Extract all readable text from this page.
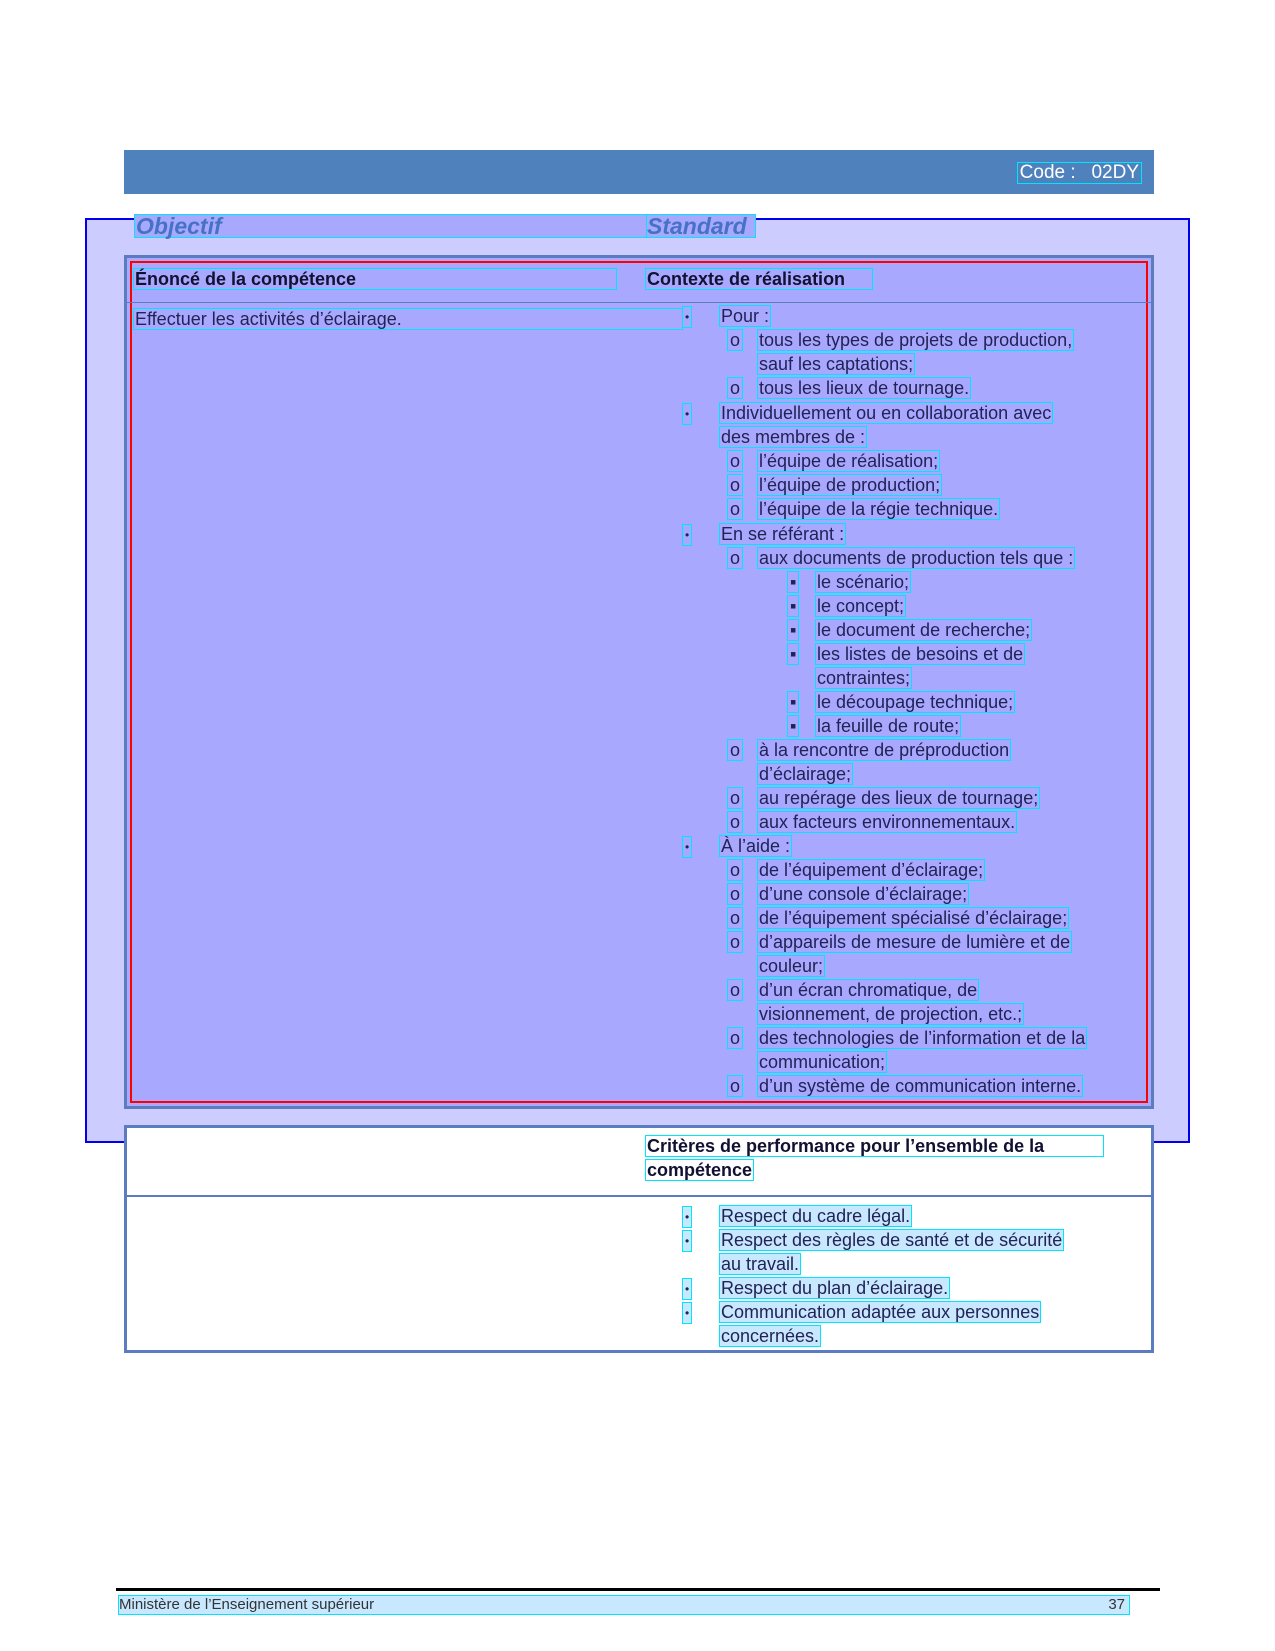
Code :   02DY
Objectif	Standard
Énoncé de la compétence	Contexte de réalisation
Effectuer les activités d’éclairage.	• Pour :
o tous les types de projets de production,
sauf les captations;
o tous les lieux de tournage.
• Individuellement ou en collaboration avec
des membres de :
o l’équipe de réalisation;
o l’équipe de production;
o l’équipe de la régie technique.
• En se référant :
o aux documents de production tels que :
▪ le scénario;
▪ le concept;
▪ le document de recherche;
▪ les listes de besoins et de
contraintes;
▪ le découpage technique;
▪ la feuille de route;
o à la rencontre de préproduction
d’éclairage;
o au repérage des lieux de tournage;
o aux facteurs environnementaux.
• À l’aide :
o de l’équipement d’éclairage;
o d’une console d’éclairage;
o de l’équipement spécialisé d’éclairage;
o d’appareils de mesure de lumière et de
couleur;
o d’un écran chromatique, de
visionnement, de projection, etc.;
o des technologies de l’information et de la
communication;
o d’un système de communication interne.
Critères de performance pour l’ensemble de la
compétence
• Respect du cadre légal.
• Respect des règles de santé et de sécurité
au travail.
• Respect du plan d’éclairage.
• Communication adaptée aux personnes
concernées.
Ministère de l’Enseignement supérieur	37
